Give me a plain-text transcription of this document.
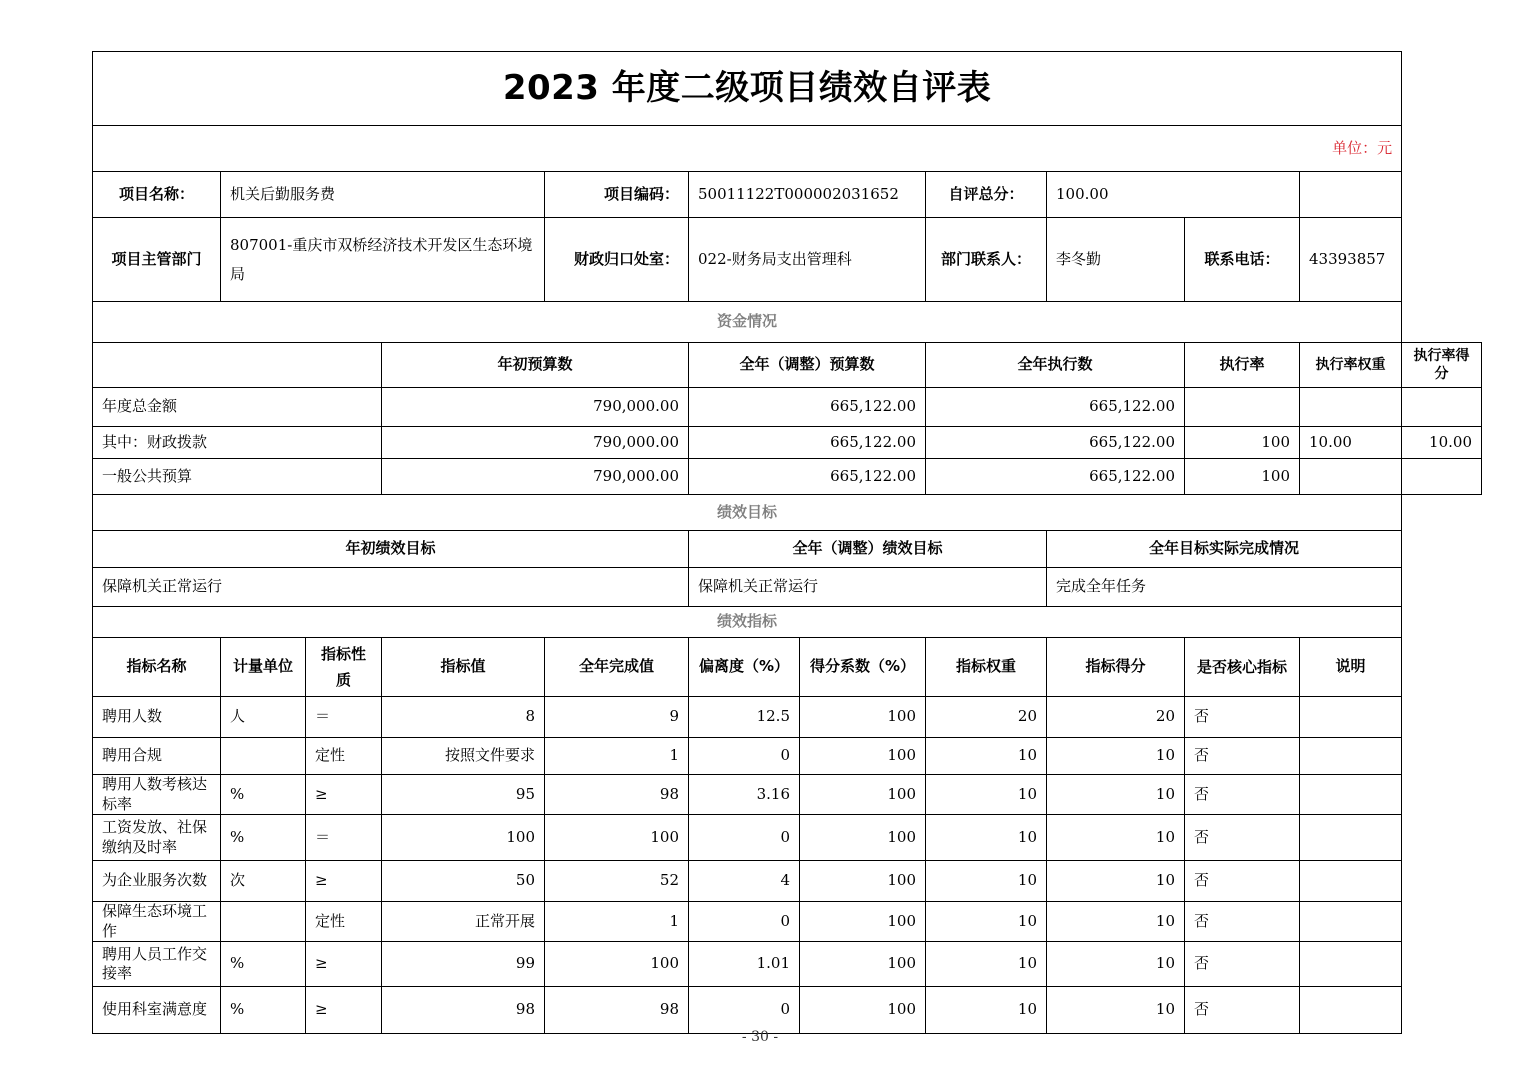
2023 年度二级项目绩效自评表											
单位：元											
项目名称：	机关后勤服务费			项目编码：	50011122T000002031652		自评总分：	100.00			
项目主管部门	807001-重庆市双桥经济技术开发区生态环境局			财政归口处室：	022-财务局支出管理科		部门联系人：	李冬勤	联系电话：	43393857	
资金情况											
			年初预算数		全年（调整）预算数		全年执行数		执行率	执行率权重	执行率得分
年度总金额			790,000.00		665,122.00		665,122.00				
其中：财政拨款			790,000.00		665,122.00		665,122.00		100	10.00	10.00
一般公共预算			790,000.00		665,122.00		665,122.00		100		
绩效目标											
年初绩效目标					全年（调整）绩效目标			全年目标实际完成情况			
保障机关正常运行					保障机关正常运行			完成全年任务			
绩效指标											
指标名称	计量单位	指标性质	指标值	全年完成值	偏离度（%）	得分系数（%）	指标权重	指标得分	是否核心指标	说明	
聘用人数	人	＝	8	9	12.5	100	20	20	否		
聘用合规		定性	按照文件要求	1	0	100	10	10	否		
聘用人数考核达标率	%	≥	95	98	3.16	100	10	10	否		
工资发放、社保缴纳及时率	%	＝	100	100	0	100	10	10	否		
为企业服务次数	次	≥	50	52	4	100	10	10	否		
保障生态环境工作		定性	正常开展	1	0	100	10	10	否		
聘用人员工作交接率	%	≥	99	100	1.01	100	10	10	否		
使用科室满意度	%	≥	98	98	0	100	10	10	否		
- 30 -
